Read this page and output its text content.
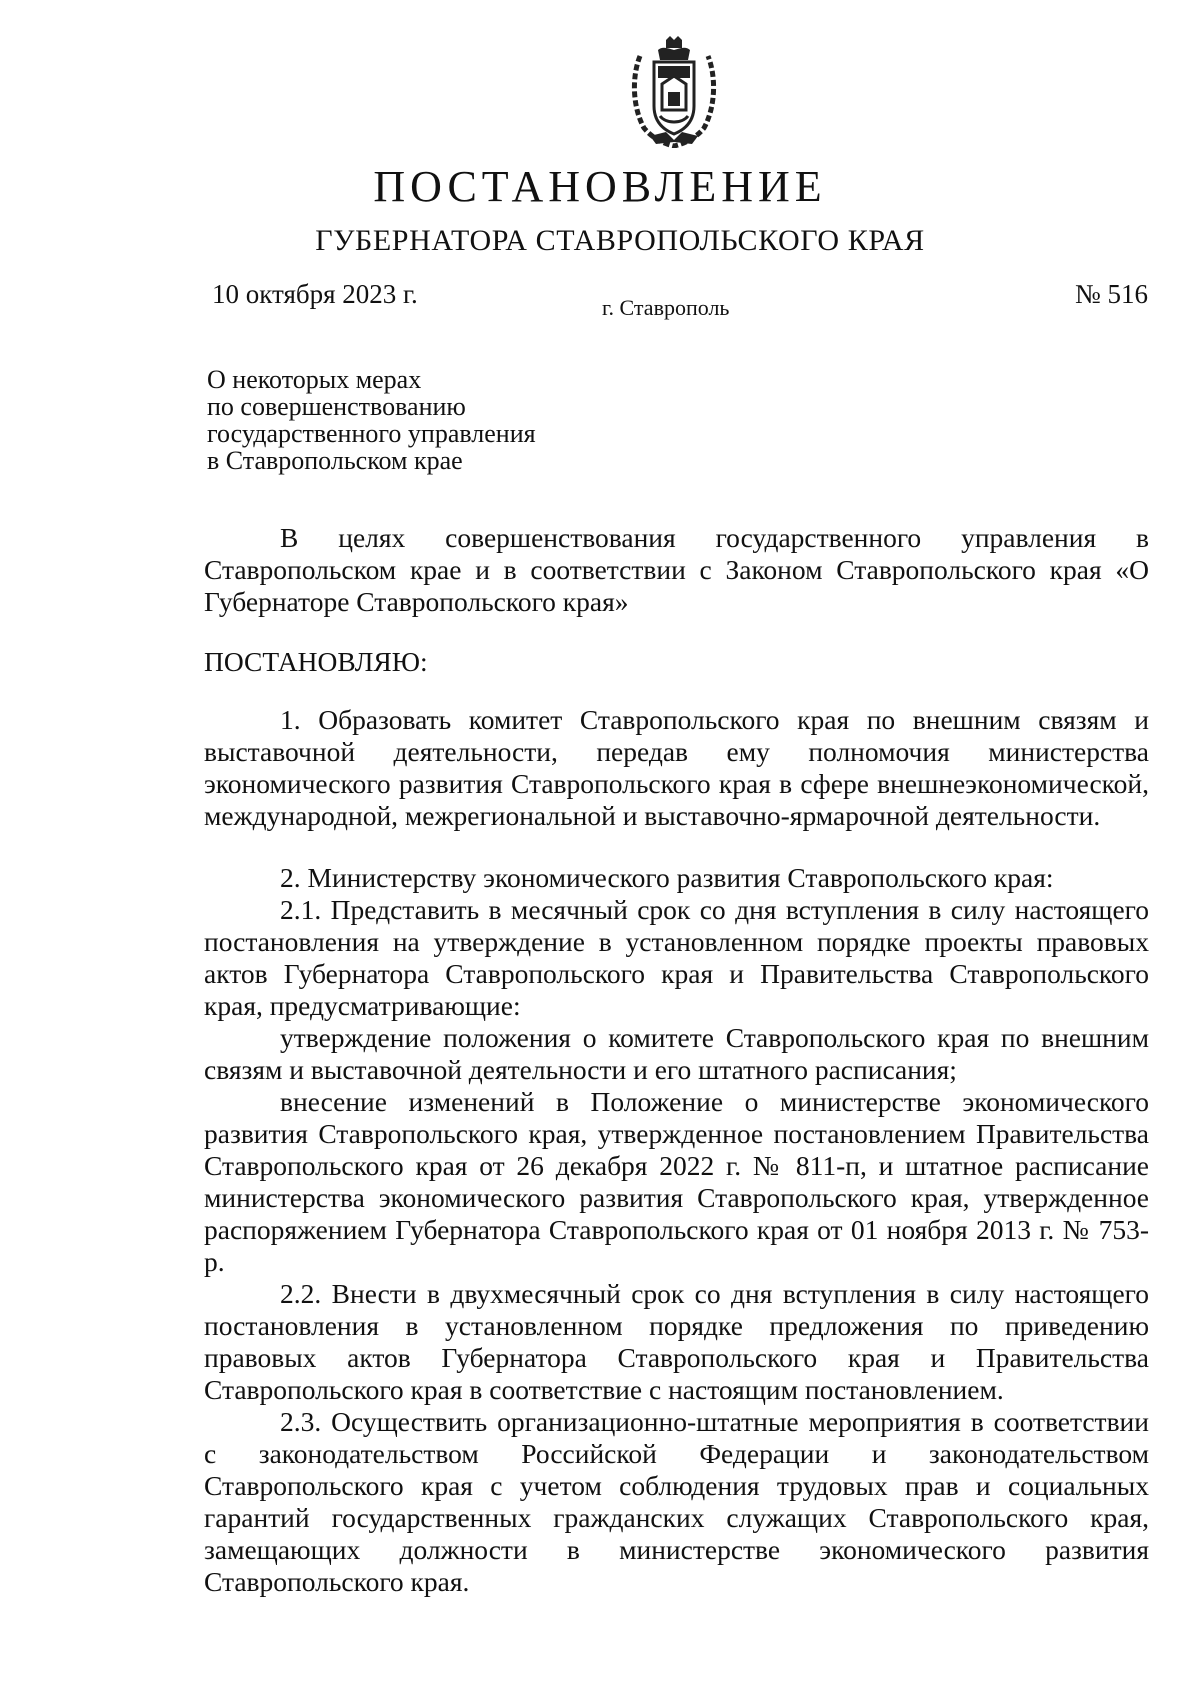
ПОСТАНОВЛЕНИЕ
ГУБЕРНАТОРА СТАВРОПОЛЬСКОГО КРАЯ
10 октября 2023 г.	г. Ставрополь	№ 516
О некоторых мерах
по совершенствованию
государственного управления
в Ставропольском крае

В целях совершенствования государственного управления в Ставропольском крае и в соответствии с Законом Ставропольского края «О Губернаторе Ставропольского края»

ПОСТАНОВЛЯЮ:

1. Образовать комитет Ставропольского края по внешним связям и выставочной деятельности, передав ему полномочия министерства экономического развития Ставропольского края в сфере внешнеэкономической, международной, межрегиональной и выставочно-ярмарочной деятельности.

2. Министерству экономического развития Ставропольского края:

2.1. Представить в месячный срок со дня вступления в силу настоящего постановления на утверждение в установленном порядке проекты правовых актов Губернатора Ставропольского края и Правительства Ставропольского края, предусматривающие:

утверждение положения о комитете Ставропольского края по внешним связям и выставочной деятельности и его штатного расписания;

внесение изменений в Положение о министерстве экономического развития Ставропольского края, утвержденное постановлением Правительства Ставропольского края от 26 декабря 2022 г. № 811-п, и штатное расписание министерства экономического развития Ставропольского края, утвержденное распоряжением Губернатора Ставропольского края от 01 ноября 2013 г. № 753-р.

2.2. Внести в двухмесячный срок со дня вступления в силу настоящего постановления в установленном порядке предложения по приведению правовых актов Губернатора Ставропольского края и Правительства Ставропольского края в соответствие с настоящим постановлением.

2.3. Осуществить организационно-штатные мероприятия в соответствии с законодательством Российской Федерации и законодательством Ставропольского края с учетом соблюдения трудовых прав и социальных гарантий государственных гражданских служащих Ставропольского края, замещающих должности в министерстве экономического развития Ставропольского края.
